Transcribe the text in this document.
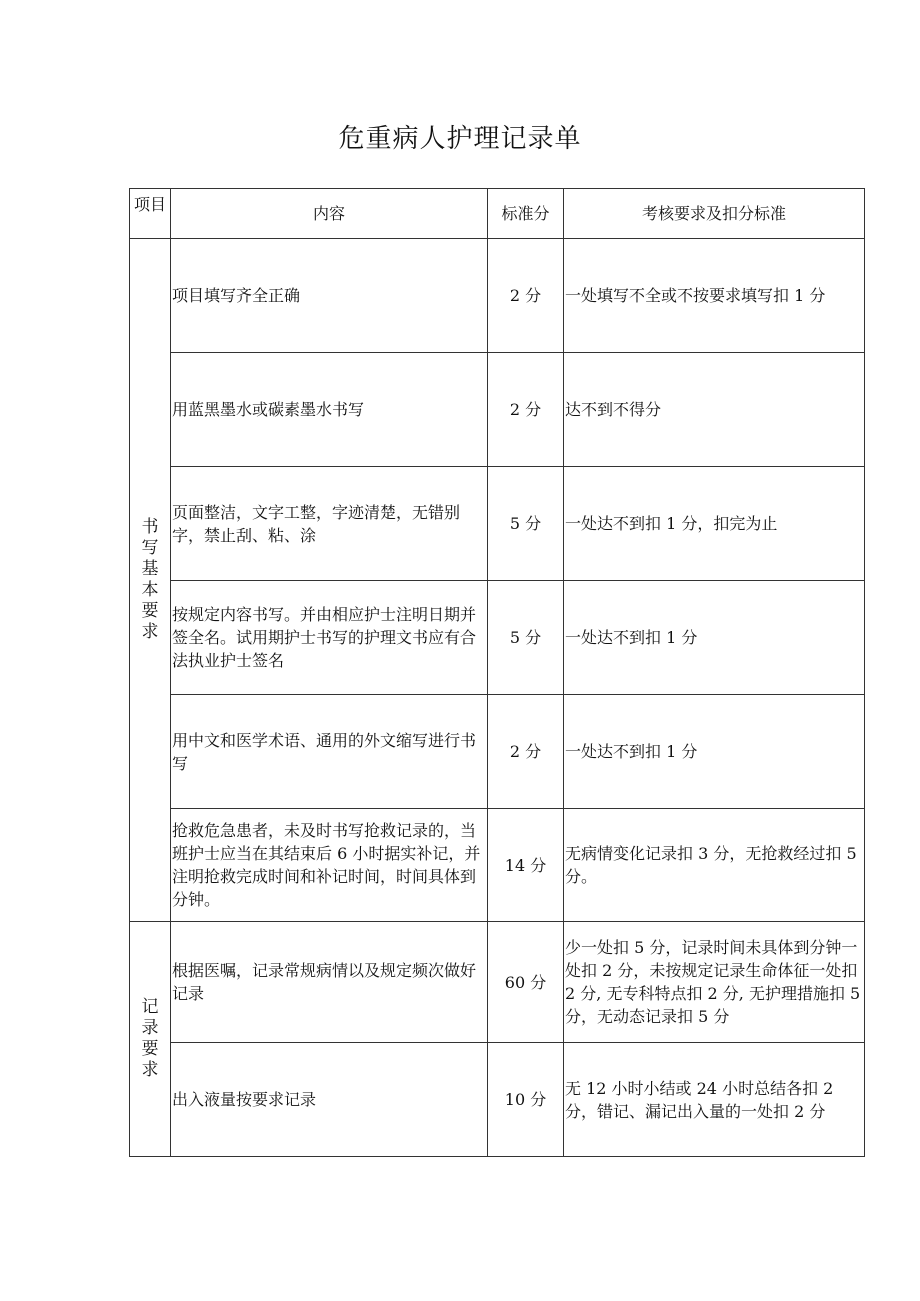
危重病人护理记录单
项目	内容	标准分	考核要求及扣分标准
书写基本要求	项目填写齐全正确	2 分	一处填写不全或不按要求填写扣 1 分
	用蓝黑墨水或碳素墨水书写	2 分	达不到不得分
	页面整洁，文字工整，字迹清楚，无错别字，禁止刮、粘、涂	5 分	一处达不到扣 1 分，扣完为止
	按规定内容书写。并由相应护士注明日期并签全名。试用期护士书写的护理文书应有合法执业护士签名	5 分	一处达不到扣 1 分
	用中文和医学术语、通用的外文缩写进行书写	2 分	一处达不到扣 1 分
	抢救危急患者，未及时书写抢救记录的，当班护士应当在其结束后 6 小时据实补记，并注明抢救完成时间和补记时间，时间具体到分钟。	14 分	无病情变化记录扣 3 分，无抢救经过扣 5 分。
记录要求	根据医嘱，记录常规病情以及规定频次做好记录	60 分	少一处扣 5 分，记录时间未具体到分钟一处扣 2 分，未按规定记录生命体征一处扣 2 分, 无专科特点扣 2 分, 无护理措施扣 5 分，无动态记录扣 5 分
	出入液量按要求记录	10 分	无 12 小时小结或 24 小时总结各扣 2 分，错记、漏记出入量的一处扣 2 分
